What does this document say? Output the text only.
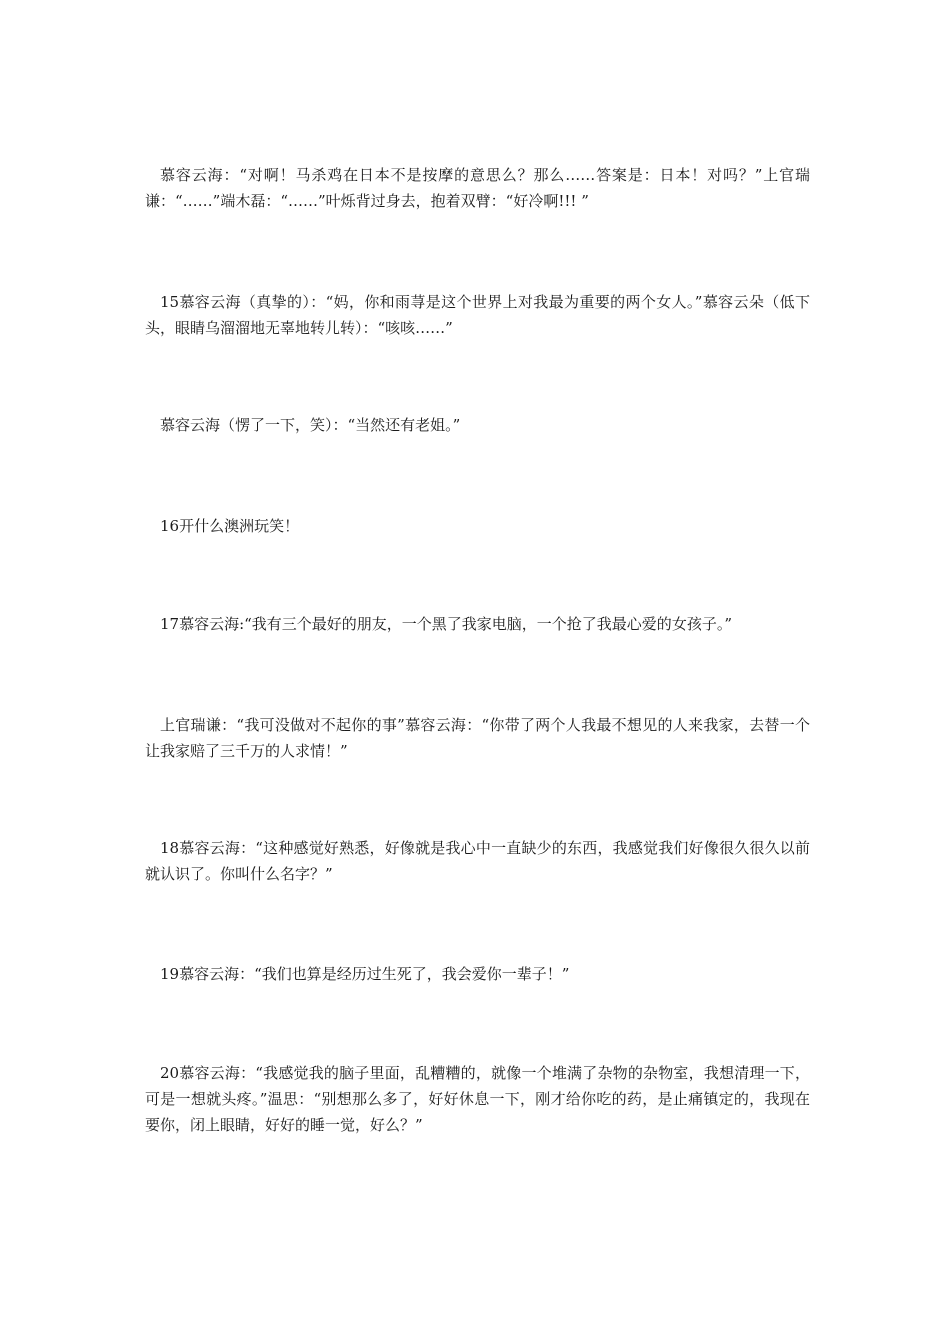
慕容云海：“对啊！马杀鸡在日本不是按摩的意思么？那么……答案是：日本！对吗？”上官瑞谦：“……”端木磊：“……”叶烁背过身去，抱着双臂：“好冷啊!!! ”

15慕容云海（真挚的）：“妈，你和雨荨是这个世界上对我最为重要的两个女人。”慕容云朵（低下头，眼睛乌溜溜地无辜地转儿转）：“咳咳……”

慕容云海（愣了一下，笑）：“当然还有老姐。”

16开什么澳洲玩笑！

17慕容云海:“我有三个最好的朋友，一个黑了我家电脑，一个抢了我最心爱的女孩子。”

上官瑞谦：“我可没做对不起你的事”慕容云海：“你带了两个人我最不想见的人来我家，去替一个让我家赔了三千万的人求情！”

18慕容云海：“这种感觉好熟悉，好像就是我心中一直缺少的东西，我感觉我们好像很久很久以前就认识了。你叫什么名字？”

19慕容云海：“我们也算是经历过生死了，我会爱你一辈子！”

20慕容云海：“我感觉我的脑子里面，乱糟糟的，就像一个堆满了杂物的杂物室，我想清理一下，可是一想就头疼。”温思：“别想那么多了，好好休息一下，刚才给你吃的药，是止痛镇定的，我现在要你，闭上眼睛，好好的睡一觉，好么？”
